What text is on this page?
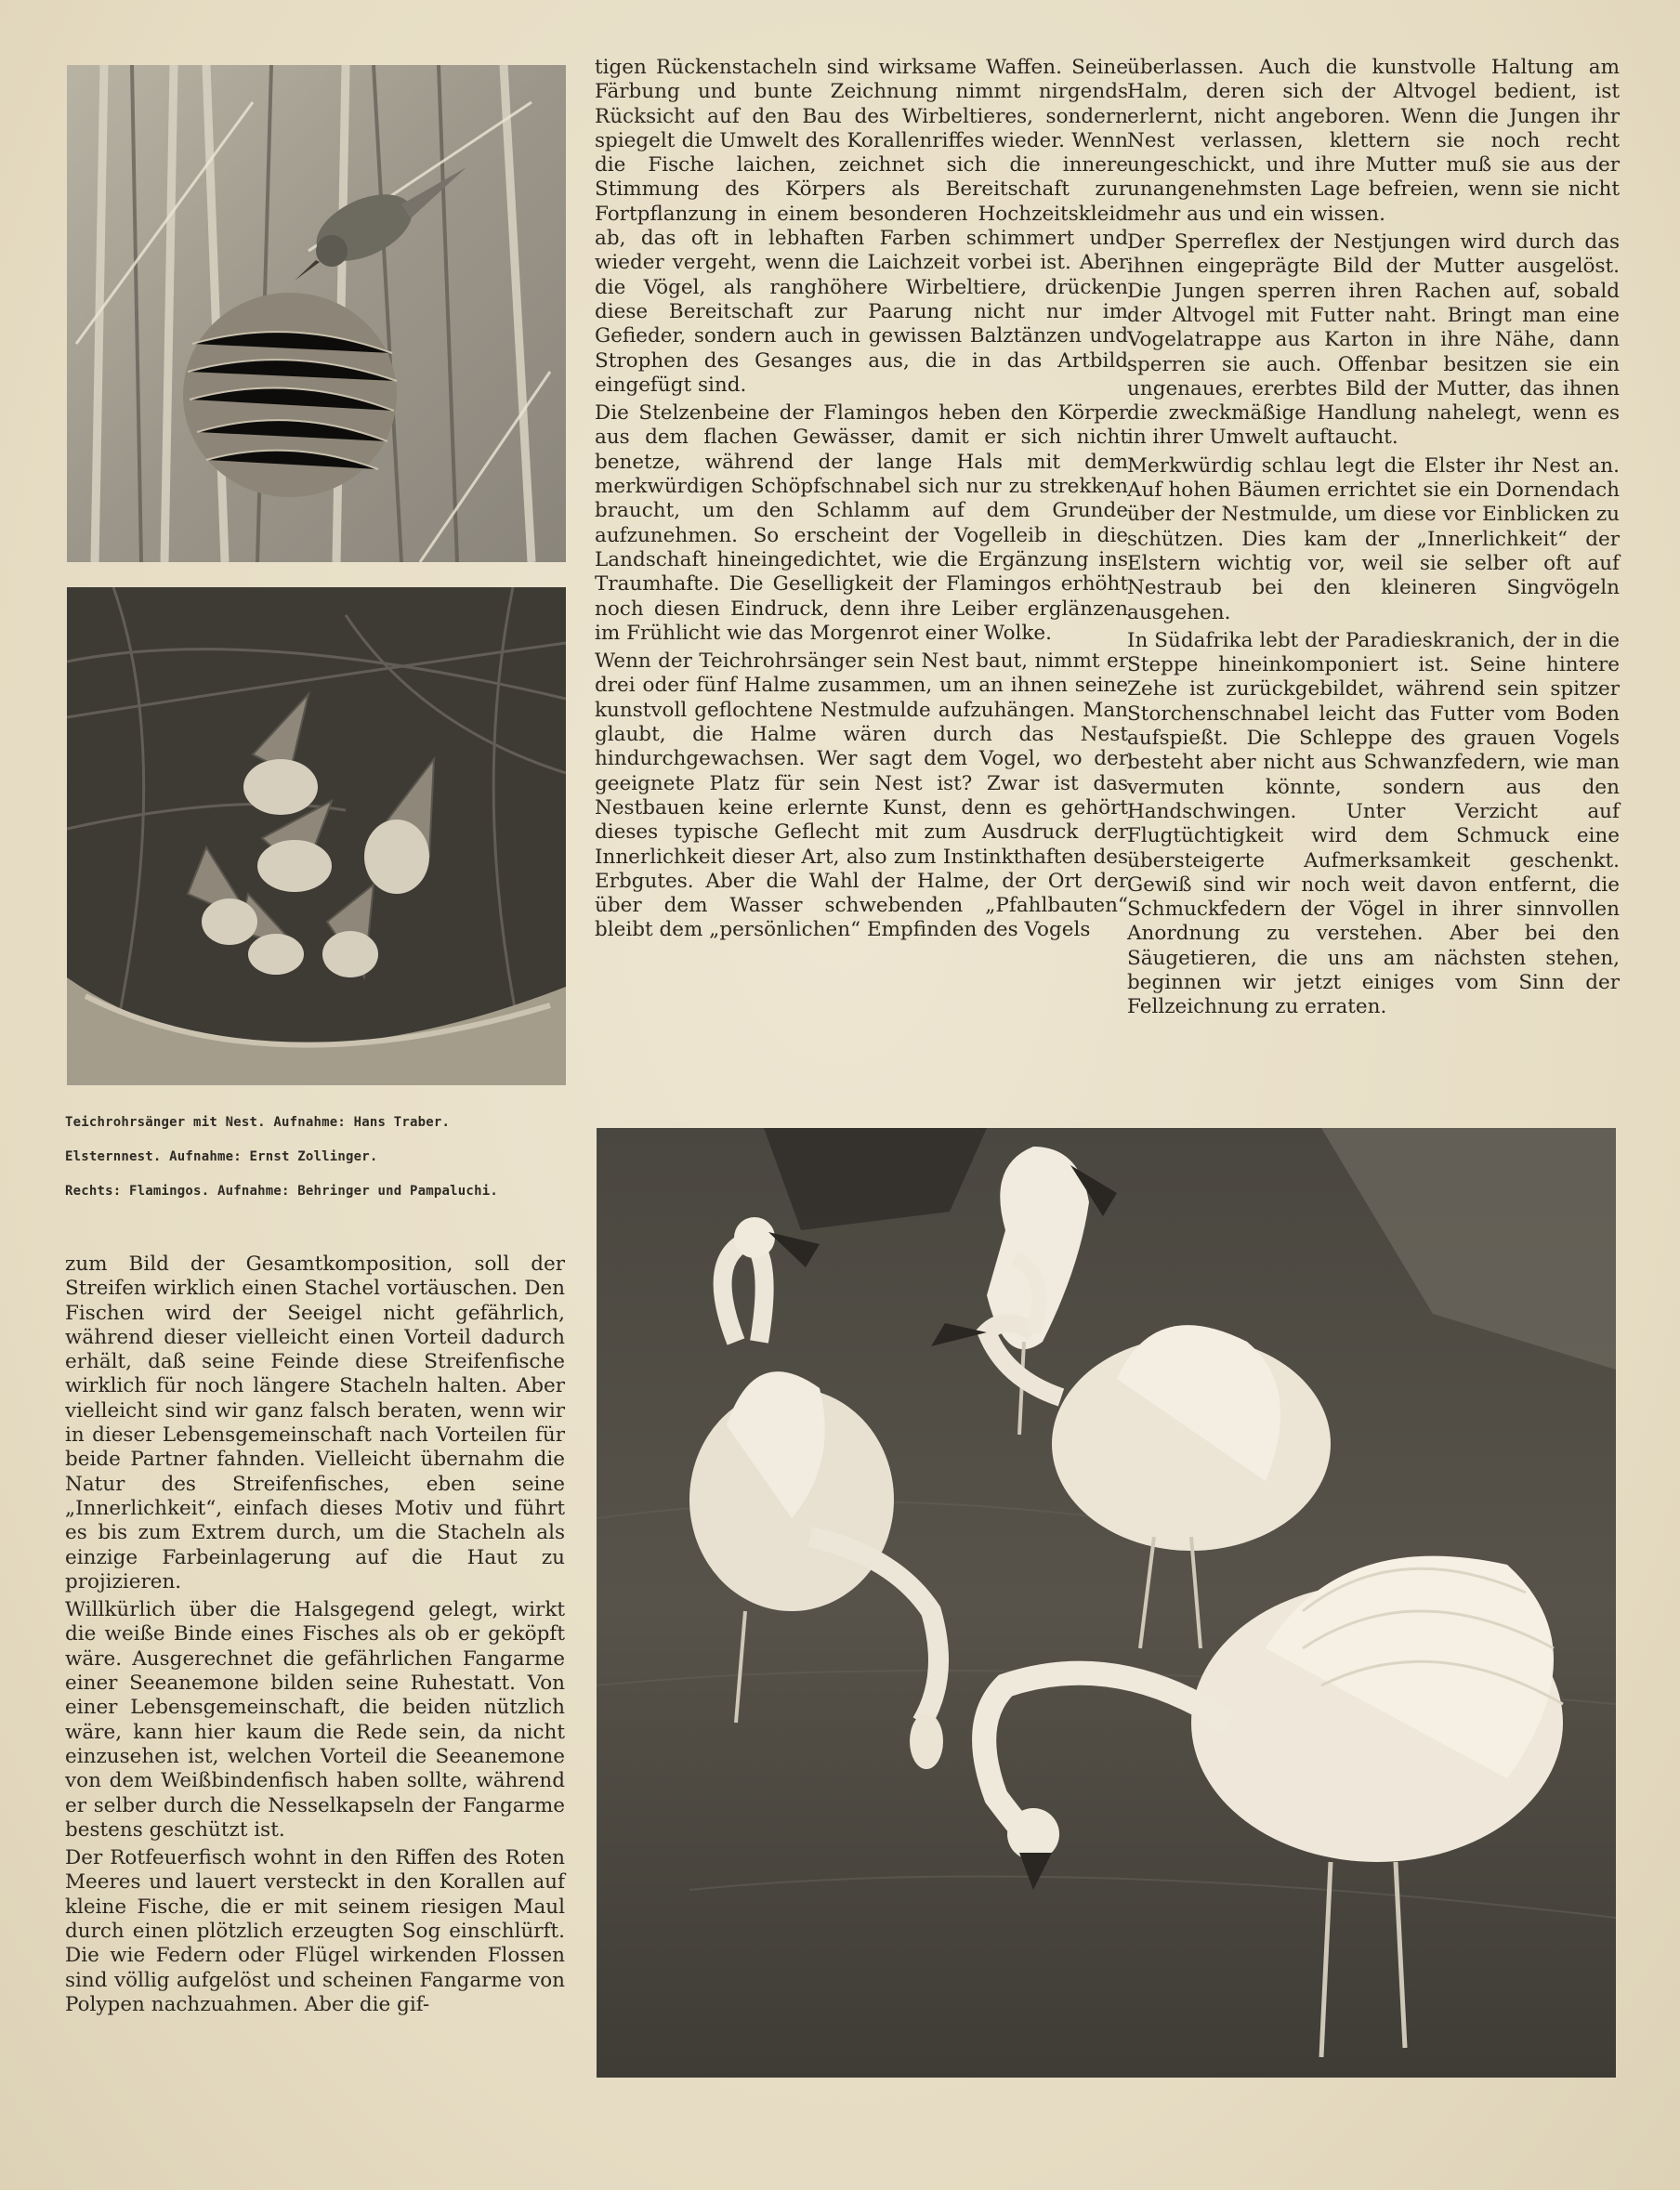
Teichrohrsänger mit Nest. Aufnahme: Hans Traber.
Elsternnest. Aufnahme: Ernst Zollinger.
Rechts: Flamingos. Aufnahme: Behringer und Pampaluchi.

tigen Rückenstacheln sind wirksame Waffen. Seine Färbung und bunte Zeichnung nimmt nirgends Rücksicht auf den Bau des Wirbeltieres, sondern spiegelt die Umwelt des Korallenriffes wieder. Wenn die Fische laichen, zeichnet sich die innere Stimmung des Körpers als Bereitschaft zur Fortpflanzung in einem besonderen Hochzeitskleid ab, das oft in lebhaften Farben schimmert und wieder vergeht, wenn die Laichzeit vorbei ist. Aber die Vögel, als ranghöhere Wirbeltiere, drücken diese Bereitschaft zur Paarung nicht nur im Gefieder, sondern auch in gewissen Balztänzen und Strophen des Gesanges aus, die in das Artbild eingefügt sind.

Die Stelzenbeine der Flamingos heben den Körper aus dem flachen Gewässer, damit er sich nicht benetze, während der lange Hals mit dem merkwürdigen Schöpfschnabel sich nur zu strekken braucht, um den Schlamm auf dem Grunde aufzunehmen. So erscheint der Vogelleib in die Landschaft hineingedichtet, wie die Ergänzung ins Traumhafte. Die Geselligkeit der Flamingos erhöht noch diesen Eindruck, denn ihre Leiber erglänzen im Frühlicht wie das Morgenrot einer Wolke.

Wenn der Teichrohrsänger sein Nest baut, nimmt er drei oder fünf Halme zusammen, um an ihnen seine kunstvoll geflochtene Nestmulde aufzuhängen. Man glaubt, die Halme wären durch das Nest hindurchgewachsen. Wer sagt dem Vogel, wo der geeignete Platz für sein Nest ist? Zwar ist das Nestbauen keine erlernte Kunst, denn es gehört dieses typische Geflecht mit zum Ausdruck der Innerlichkeit dieser Art, also zum Instinkthaften des Erbgutes. Aber die Wahl der Halme, der Ort der über dem Wasser schwebenden „Pfahlbauten“ bleibt dem „persönlichen“ Empfinden des Vogels

überlassen. Auch die kunstvolle Haltung am Halm, deren sich der Altvogel bedient, ist erlernt, nicht angeboren. Wenn die Jungen ihr Nest verlassen, klettern sie noch recht ungeschickt, und ihre Mutter muß sie aus der unangenehmsten Lage befreien, wenn sie nicht mehr aus und ein wissen.

Der Sperreflex der Nestjungen wird durch das ihnen eingeprägte Bild der Mutter ausgelöst. Die Jungen sperren ihren Rachen auf, sobald der Altvogel mit Futter naht. Bringt man eine Vogelatrappe aus Karton in ihre Nähe, dann sperren sie auch. Offenbar besitzen sie ein ungenaues, ererbtes Bild der Mutter, das ihnen die zweckmäßige Handlung nahelegt, wenn es in ihrer Umwelt auftaucht.

Merkwürdig schlau legt die Elster ihr Nest an. Auf hohen Bäumen errichtet sie ein Dornendach über der Nestmulde, um diese vor Einblicken zu schützen. Dies kam der „Innerlichkeit“ der Elstern wichtig vor, weil sie selber oft auf Nestraub bei den kleineren Singvögeln ausgehen.

In Südafrika lebt der Paradieskranich, der in die Steppe hineinkomponiert ist. Seine hintere Zehe ist zurückgebildet, während sein spitzer Storchenschnabel leicht das Futter vom Boden aufspießt. Die Schleppe des grauen Vogels besteht aber nicht aus Schwanzfedern, wie man vermuten könnte, sondern aus den Handschwingen. Unter Verzicht auf Flugtüchtigkeit wird dem Schmuck eine übersteigerte Aufmerksamkeit geschenkt. Gewiß sind wir noch weit davon entfernt, die Schmuckfedern der Vögel in ihrer sinnvollen Anordnung zu verstehen. Aber bei den Säugetieren, die uns am nächsten stehen, beginnen wir jetzt einiges vom Sinn der Fellzeichnung zu erraten.

zum Bild der Gesamtkomposition, soll der Streifen wirklich einen Stachel vortäuschen. Den Fischen wird der Seeigel nicht gefährlich, während dieser vielleicht einen Vorteil dadurch erhält, daß seine Feinde diese Streifenfische wirklich für noch längere Stacheln halten. Aber vielleicht sind wir ganz falsch beraten, wenn wir in dieser Lebensgemeinschaft nach Vorteilen für beide Partner fahnden. Vielleicht übernahm die Natur des Streifenfisches, eben seine „Innerlichkeit“, einfach dieses Motiv und führt es bis zum Extrem durch, um die Stacheln als einzige Farbeinlagerung auf die Haut zu projizieren.

Willkürlich über die Halsgegend gelegt, wirkt die weiße Binde eines Fisches als ob er geköpft wäre. Ausgerechnet die gefährlichen Fangarme einer Seeanemone bilden seine Ruhestatt. Von einer Lebensgemeinschaft, die beiden nützlich wäre, kann hier kaum die Rede sein, da nicht einzusehen ist, welchen Vorteil die Seeanemone von dem Weißbindenfisch haben sollte, während er selber durch die Nesselkapseln der Fangarme bestens geschützt ist.

Der Rotfeuerfisch wohnt in den Riffen des Roten Meeres und lauert versteckt in den Korallen auf kleine Fische, die er mit seinem riesigen Maul durch einen plötzlich erzeugten Sog einschlürft. Die wie Federn oder Flügel wirkenden Flossen sind völlig aufgelöst und scheinen Fangarme von Polypen nachzuahmen. Aber die gif-
